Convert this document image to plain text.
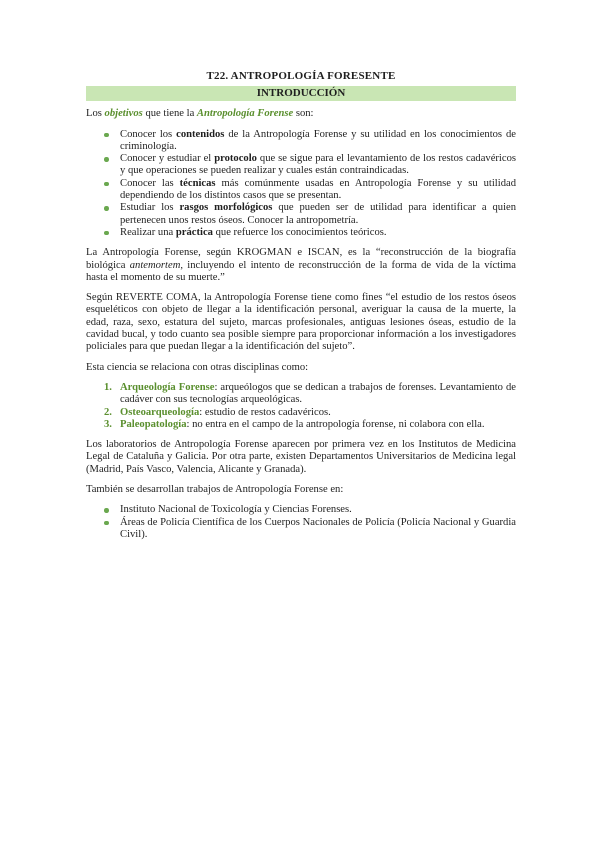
T22. ANTROPOLOGÍA FORESENTE
INTRODUCCIÓN

Los objetivos que tiene la Antropología Forense son:

Conocer los contenidos de la Antropología Forense y su utilidad en los conocimientos de criminología.
Conocer y estudiar el protocolo que se sigue para el levantamiento de los restos cadavéricos y que operaciones se pueden realizar y cuales están contraindicadas.
Conocer las técnicas más comúnmente usadas en Antropología Forense y su utilidad dependiendo de los distintos casos que se presentan.
Estudiar los rasgos morfológicos que pueden ser de utilidad para identificar a quien pertenecen unos restos óseos. Conocer la antropometría.
Realizar una práctica que refuerce los conocimientos teóricos.

La Antropología Forense, según KROGMAN e ISCAN, es la “reconstrucción de la biografía biológica antemortem, incluyendo el intento de reconstrucción de la forma de vida de la víctima hasta el momento de su muerte.”

Según REVERTE COMA, la Antropología Forense tiene como fines “el estudio de los restos óseos esqueléticos con objeto de llegar a la identificación personal, averiguar la causa de la muerte, la edad, raza, sexo, estatura del sujeto, marcas profesionales, antiguas lesiones óseas, estudio de la cavidad bucal, y todo cuanto sea posible siempre para proporcionar información a los investigadores policiales para que puedan llegar a la identificación del sujeto”.

Esta ciencia se relaciona con otras disciplinas como:

1. Arqueología Forense: arqueólogos que se dedican a trabajos de forenses. Levantamiento de cadáver con sus tecnologías arqueológicas.
2. Osteoarqueología: estudio de restos cadavéricos.
3. Paleopatología: no entra en el campo de la antropología forense, ni colabora con ella.

Los laboratorios de Antropología Forense aparecen por primera vez en los Institutos de Medicina Legal de Cataluña y Galicia. Por otra parte, existen Departamentos Universitarios de Medicina legal (Madrid, País Vasco, Valencia, Alicante y Granada).

También se desarrollan trabajos de Antropología Forense en:

Instituto Nacional de Toxicología y Ciencias Forenses.
Áreas de Policía Científica de los Cuerpos Nacionales de Policía (Policía Nacional y Guardia Civil).
